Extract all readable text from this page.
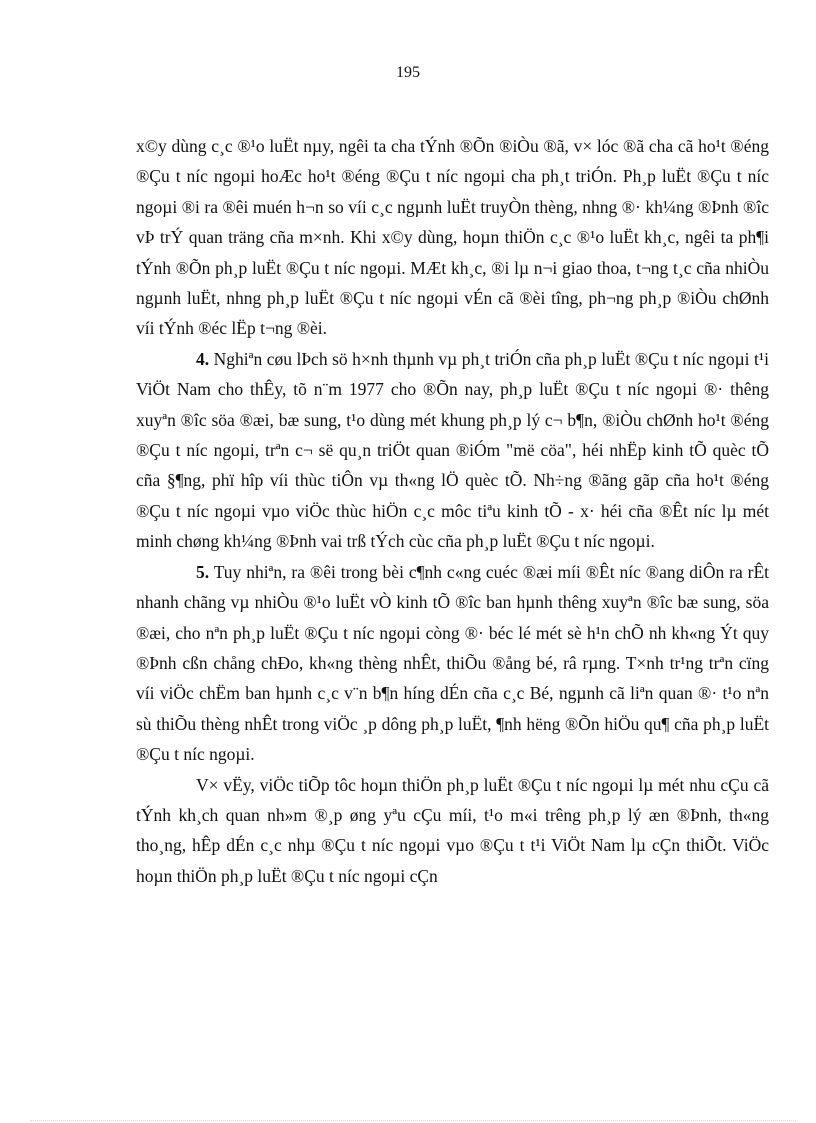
195

x©y dùng c¸c ®¹o luËt nµy, ngêi ta cha tÝnh ®Õn ®iÒu ®ã, v× lóc ®ã cha cã ho¹t ®éng ®Çu t níc ngoµi hoÆc ho¹t ®éng ®Çu t níc ngoµi cha ph¸t triÓn. Ph¸p luËt ®Çu t níc ngoµi ®i ra ®êi muén h¬n so víi c¸c ngµnh luËt truyÒn thèng, nhng ®· kh¼ng ®Þnh ®îc vÞ trÝ quan träng cña m×nh. Khi x©y dùng, hoµn thiÖn c¸c ®¹o luËt kh¸c, ngêi ta ph¶i tÝnh ®Õn ph¸p luËt ®Çu t níc ngoµi. MÆt kh¸c, ®i lµ n¬i giao thoa, t¬ng t¸c cña nhiÒu ngµnh luËt, nhng ph¸p luËt ®Çu t níc ngoµi vÉn cã ®èi tîng, ph¬ng ph¸p ®iÒu chØnh víi tÝnh ®éc lËp t¬ng ®èi.

4. Nghiªn cøu lÞch sö h×nh thµnh vµ ph¸t triÓn cña ph¸p luËt ®Çu t níc ngoµi t¹i ViÖt Nam cho thÊy, tõ n¨m 1977 cho ®Õn nay, ph¸p luËt ®Çu t níc ngoµi ®· thêng xuyªn ®îc söa ®æi, bæ sung, t¹o dùng mét khung ph¸p lý c¬ b¶n, ®iÒu chØnh ho¹t ®éng ®Çu t níc ngoµi, trªn c¬ së qu¸n triÖt quan ®iÓm "më cöa", héi nhËp kinh tÕ quèc tÕ cña §¶ng, phï hîp víi thùc tiÔn vµ th«ng lÖ quèc tÕ. Nh÷ng ®ãng gãp cña ho¹t ®éng ®Çu t níc ngoµi vµo viÖc thùc hiÖn c¸c môc tiªu kinh tÕ - x· héi cña ®Êt níc lµ mét minh chøng kh¼ng ®Þnh vai trß tÝch cùc cña ph¸p luËt ®Çu t níc ngoµi.

5. Tuy nhiªn, ra ®êi trong bèi c¶nh c«ng cuéc ®æi míi ®Êt níc ®ang diÔn ra rÊt nhanh chãng vµ nhiÒu ®¹o luËt vÒ kinh tÕ ®îc ban hµnh thêng xuyªn ®îc bæ sung, söa ®æi, cho nªn ph¸p luËt ®Çu t níc ngoµi còng ®· béc lé mét sè h¹n chÕ nh kh«ng Ýt quy ®Þnh cßn chång chÐo, kh«ng thèng nhÊt, thiÕu ®ång bé, râ rµng. T×nh tr¹ng trªn cïng víi viÖc chËm ban hµnh c¸c v¨n b¶n híng dÉn cña c¸c Bé, ngµnh cã liªn quan ®· t¹o nªn sù thiÕu thèng nhÊt trong viÖc ¸p dông ph¸p luËt, ¶nh hëng ®Õn hiÖu qu¶ cña ph¸p luËt ®Çu t níc ngoµi.

V× vËy, viÖc tiÕp tôc hoµn thiÖn ph¸p luËt ®Çu t níc ngoµi lµ mét nhu cÇu cã tÝnh kh¸ch quan nh»m ®¸p øng yªu cÇu míi, t¹o m«i trêng ph¸p lý æn ®Þnh, th«ng tho¸ng, hÊp dÉn c¸c nhµ ®Çu t níc ngoµi vµo ®Çu t t¹i ViÖt Nam lµ cÇn thiÕt. ViÖc hoµn thiÖn ph¸p luËt ®Çu t níc ngoµi cÇn
